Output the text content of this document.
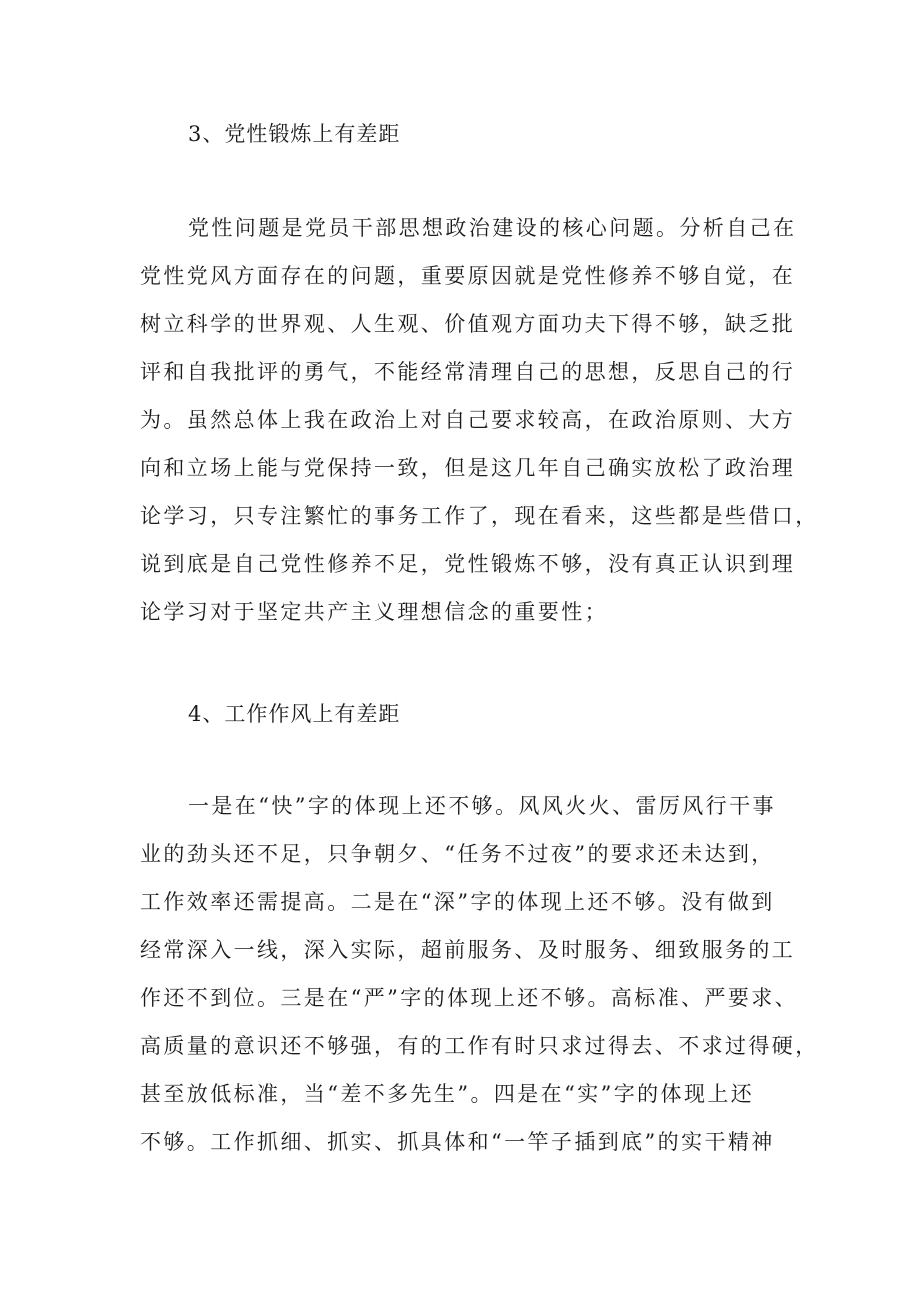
3、党性锻炼上有差距
党性问题是党员干部思想政治建设的核心问题。分析自己在
党性党风方面存在的问题，重要原因就是党性修养不够自觉，在
树立科学的世界观、人生观、价值观方面功夫下得不够，缺乏批
评和自我批评的勇气，不能经常清理自己的思想，反思自己的行
为。虽然总体上我在政治上对自己要求较高，在政治原则、大方
向和立场上能与党保持一致，但是这几年自己确实放松了政治理
论学习，只专注繁忙的事务工作了，现在看来，这些都是些借口，
说到底是自己党性修养不足，党性锻炼不够，没有真正认识到理
论学习对于坚定共产主义理想信念的重要性；
4、工作作风上有差距
一是在“快”字的体现上还不够。风风火火、雷厉风行干事
业的劲头还不足，只争朝夕、“任务不过夜”的要求还未达到，
工作效率还需提高。二是在“深”字的体现上还不够。没有做到
经常深入一线，深入实际，超前服务、及时服务、细致服务的工
作还不到位。三是在“严”字的体现上还不够。高标准、严要求、
高质量的意识还不够强，有的工作有时只求过得去、不求过得硬，
甚至放低标准，当“差不多先生”。四是在“实”字的体现上还
不够。工作抓细、抓实、抓具体和“一竿子插到底”的实干精神
